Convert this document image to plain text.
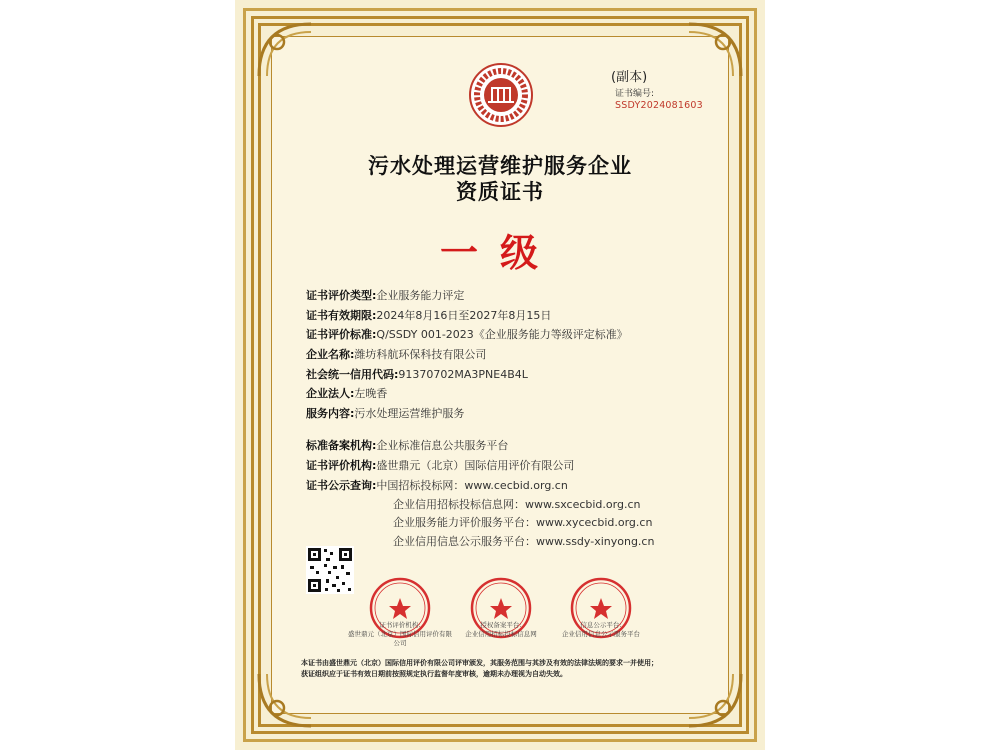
(副本)
证书编号:
SSDY2024081603
污水处理运营维护服务企业
资质证书
一级
证书评价类型:企业服务能力评定
证书有效期限:2024年8月16日至2027年8月15日
证书评价标准:Q/SSDY 001-2023《企业服务能力等级评定标准》
企业名称:潍坊科航环保科技有限公司
社会统一信用代码:91370702MA3PNE4B4L
企业法人:左晚香
服务内容:污水处理运营维护服务
标准备案机构:企业标准信息公共服务平台
证书评价机构:盛世鼎元（北京）国际信用评价有限公司
证书公示查询:中国招标投标网：www.cecbid.org.cn
企业信用招标投标信息网：www.sxcecbid.org.cn
企业服务能力评价服务平台：www.xycecbid.org.cn
企业信用信息公示服务平台：www.ssdy-xinyong.cn
证书评价机构:
盛世鼎元（北京）国际信用评价有限公司
授权备案平台:
企业信用招标投标信息网
信息公示平台:
企业信用信息公示服务平台
本证书由盛世鼎元（北京）国际信用评价有限公司评审颁发，其服务范围与其涉及有效的法律法规的要求一并使用；
获证组织应于证书有效日期前按照规定执行监督年度审核，逾期未办理视为自动失效。
